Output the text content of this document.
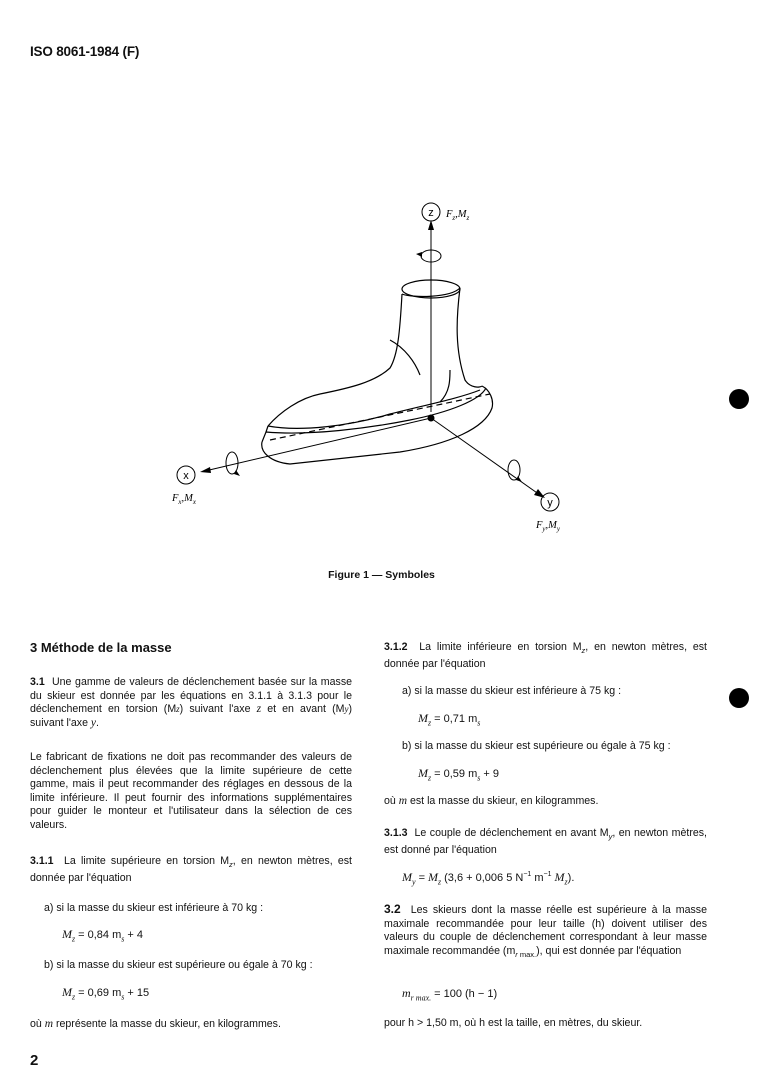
ISO 8061-1984 (F)
z $F_z,M_z$
x
$F_x,M_x$	y
$F_y,M_y$
Figure 1 — Symboles
3 Méthode de la masse

3.1 Une gamme de valeurs de déclenchement basée sur la masse du skieur est donnée par les équations en 3.1.1 à 3.1.3 pour le déclenchement en torsion (Mz) suivant l'axe z et en avant (My) suivant l'axe y.

Le fabricant de fixations ne doit pas recommander des valeurs de déclenchement plus élevées que la limite supérieure de cette gamme, mais il peut recommander des réglages en dessous de la limite inférieure. Il peut fournir des informations supplémentaires pour guider le monteur et l'utilisateur dans la sélection de ces valeurs.

3.1.1 La limite supérieure en torsion $M_z$, en newton mètres, est donnée par l'équation

a) si la masse du skieur est inférieure à 70 kg :
$M_z = 0,84$ $m_s + 4$
b) si la masse du skieur est supérieure ou égale à 70 kg :
$M_z = 0,69$ $m_s + 15$
où m représente la masse du skieur, en kilogrammes.

3.1.2 La limite inférieure en torsion $M_z$, en newton mètres, est donnée par l'équation

a) si la masse du skieur est inférieure à 75 kg :
$M_z = 0,71$ $m_s$
b) si la masse du skieur est supérieure ou égale à 75 kg :
$M_z = 0,59$ $m_s + 9$
où m est la masse du skieur, en kilogrammes.

3.1.3 Le couple de déclenchement en avant $M_y$, en newton mètres, est donné par l'équation

$M_y = M_z$ (3,6 + 0,006 5 $N^{-1}$ $m^{-1}$ $M_z$).

3.2 Les skieurs dont la masse réelle est supérieure à la masse maximale recommandée pour leur taille (h) doivent utiliser des valeurs du couple de déclenchement correspondant à leur masse maximale recommandée $(m_{r max.})$, qui est donnée par l'équation

$m_{r max.} = 100$ (h − 1)
pour h > 1,50 m, où h est la taille, en mètres, du skieur.
2
